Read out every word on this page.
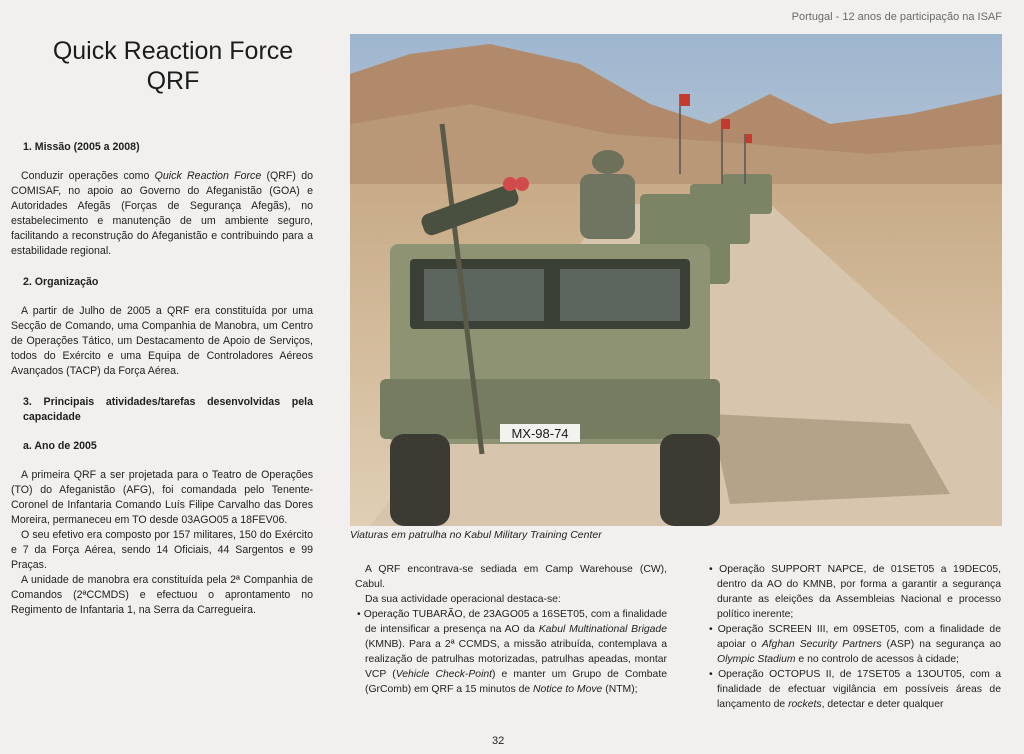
Portugal - 12 anos de participação na ISAF
Quick Reaction Force
QRF
1. Missão (2005 a 2008)

Conduzir operações como Quick Reaction Force (QRF) do COMISAF, no apoio ao Governo do Afeganistão (GOA) e Autoridades Afegãs (Forças de Segurança Afegãs), no estabelecimento e manutenção de um ambiente seguro, facilitando a reconstrução do Afeganistão e contribuindo para a estabilidade regional.

2. Organização

A partir de Julho de 2005 a QRF era constituída por uma Secção de Comando, uma Companhia de Manobra, um Centro de Operações Tático, um Destacamento de Apoio de Serviços, todos do Exército e uma Equipa de Controladores Aéreos Avançados (TACP) da Força Aérea.

3. Principais atividades/tarefas desenvolvidas pela capacidade
a. Ano de 2005

A primeira QRF a ser projetada para o Teatro de Operações (TO) do Afeganistão (AFG), foi comandada pelo Tenente-Coronel de Infantaria Comando Luís Filipe Carvalho das Dores Moreira, permaneceu em TO desde 03AGO05 a 18FEV06.

O seu efetivo era composto por 157 militares, 150 do Exército e 7 da Força Aérea, sendo 14 Oficiais, 44 Sargentos e 99 Praças.

A unidade de manobra era constituída pela 2ª Companhia de Comandos (2ªCCMDS) e efectuou o aprontamento no Regimento de Infantaria 1, na Serra da Carregueira.

MX-98-74
Viaturas em patrulha no Kabul Military Training Center

A QRF encontrava-se sediada em Camp Warehouse (CW), Cabul.

Da sua actividade operacional destaca-se:

• Operação TUBARÃO, de 23AGO05 a 16SET05, com a finalidade de intensificar a presença na AO da Kabul Multinational Brigade (KMNB). Para a 2ª CCMDS, a missão atribuída, contemplava a realização de patrulhas motorizadas, patrulhas apeadas, montar VCP (Vehicle Check-Point) e manter um Grupo de Combate (GrComb) em QRF a 15 minutos de Notice to Move (NTM);

• Operação SUPPORT NAPCE, de 01SET05 a 19DEC05, dentro da AO do KMNB, por forma a garantir a segurança durante as eleições da Assembleias Nacional e processo político inerente;

• Operação SCREEN III, em 09SET05, com a finalidade de apoiar o Afghan Security Partners (ASP) na segurança ao Olympic Stadium e no controlo de acessos à cidade;

• Operação OCTOPUS II, de 17SET05 a 13OUT05, com a finalidade de efectuar vigilância em possíveis áreas de lançamento de rockets, detectar e deter qualquer

32
